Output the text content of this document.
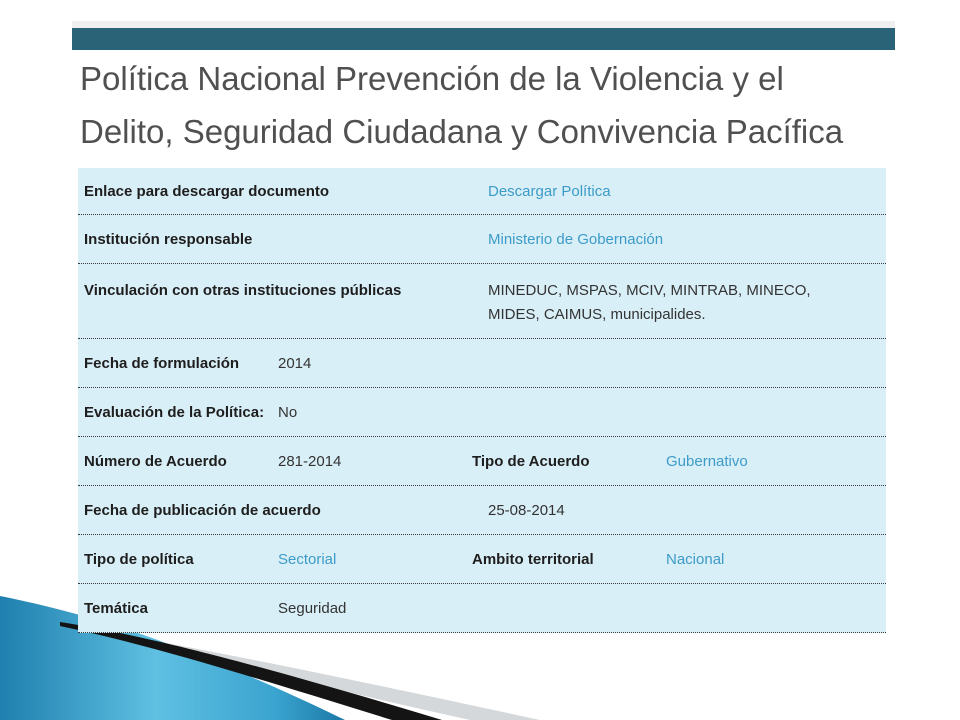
Política Nacional Prevención de la Violencia y el Delito, Seguridad Ciudadana y Convivencia Pacífica
Enlace para descargar documento	Descargar Política
Institución responsable	Ministerio de Gobernación
Vinculación con otras instituciones públicas	MINEDUC, MSPAS, MCIV, MINTRAB, MINECO, MIDES, CAIMUS, municipalides.
Fecha de formulación	2014
Evaluación de la Política: No
Número de Acuerdo	281-2014	Tipo de Acuerdo	Gubernativo
Fecha de publicación de acuerdo	25-08-2014
Tipo de política	Sectorial	Ambito territorial	Nacional
Temática	Seguridad
